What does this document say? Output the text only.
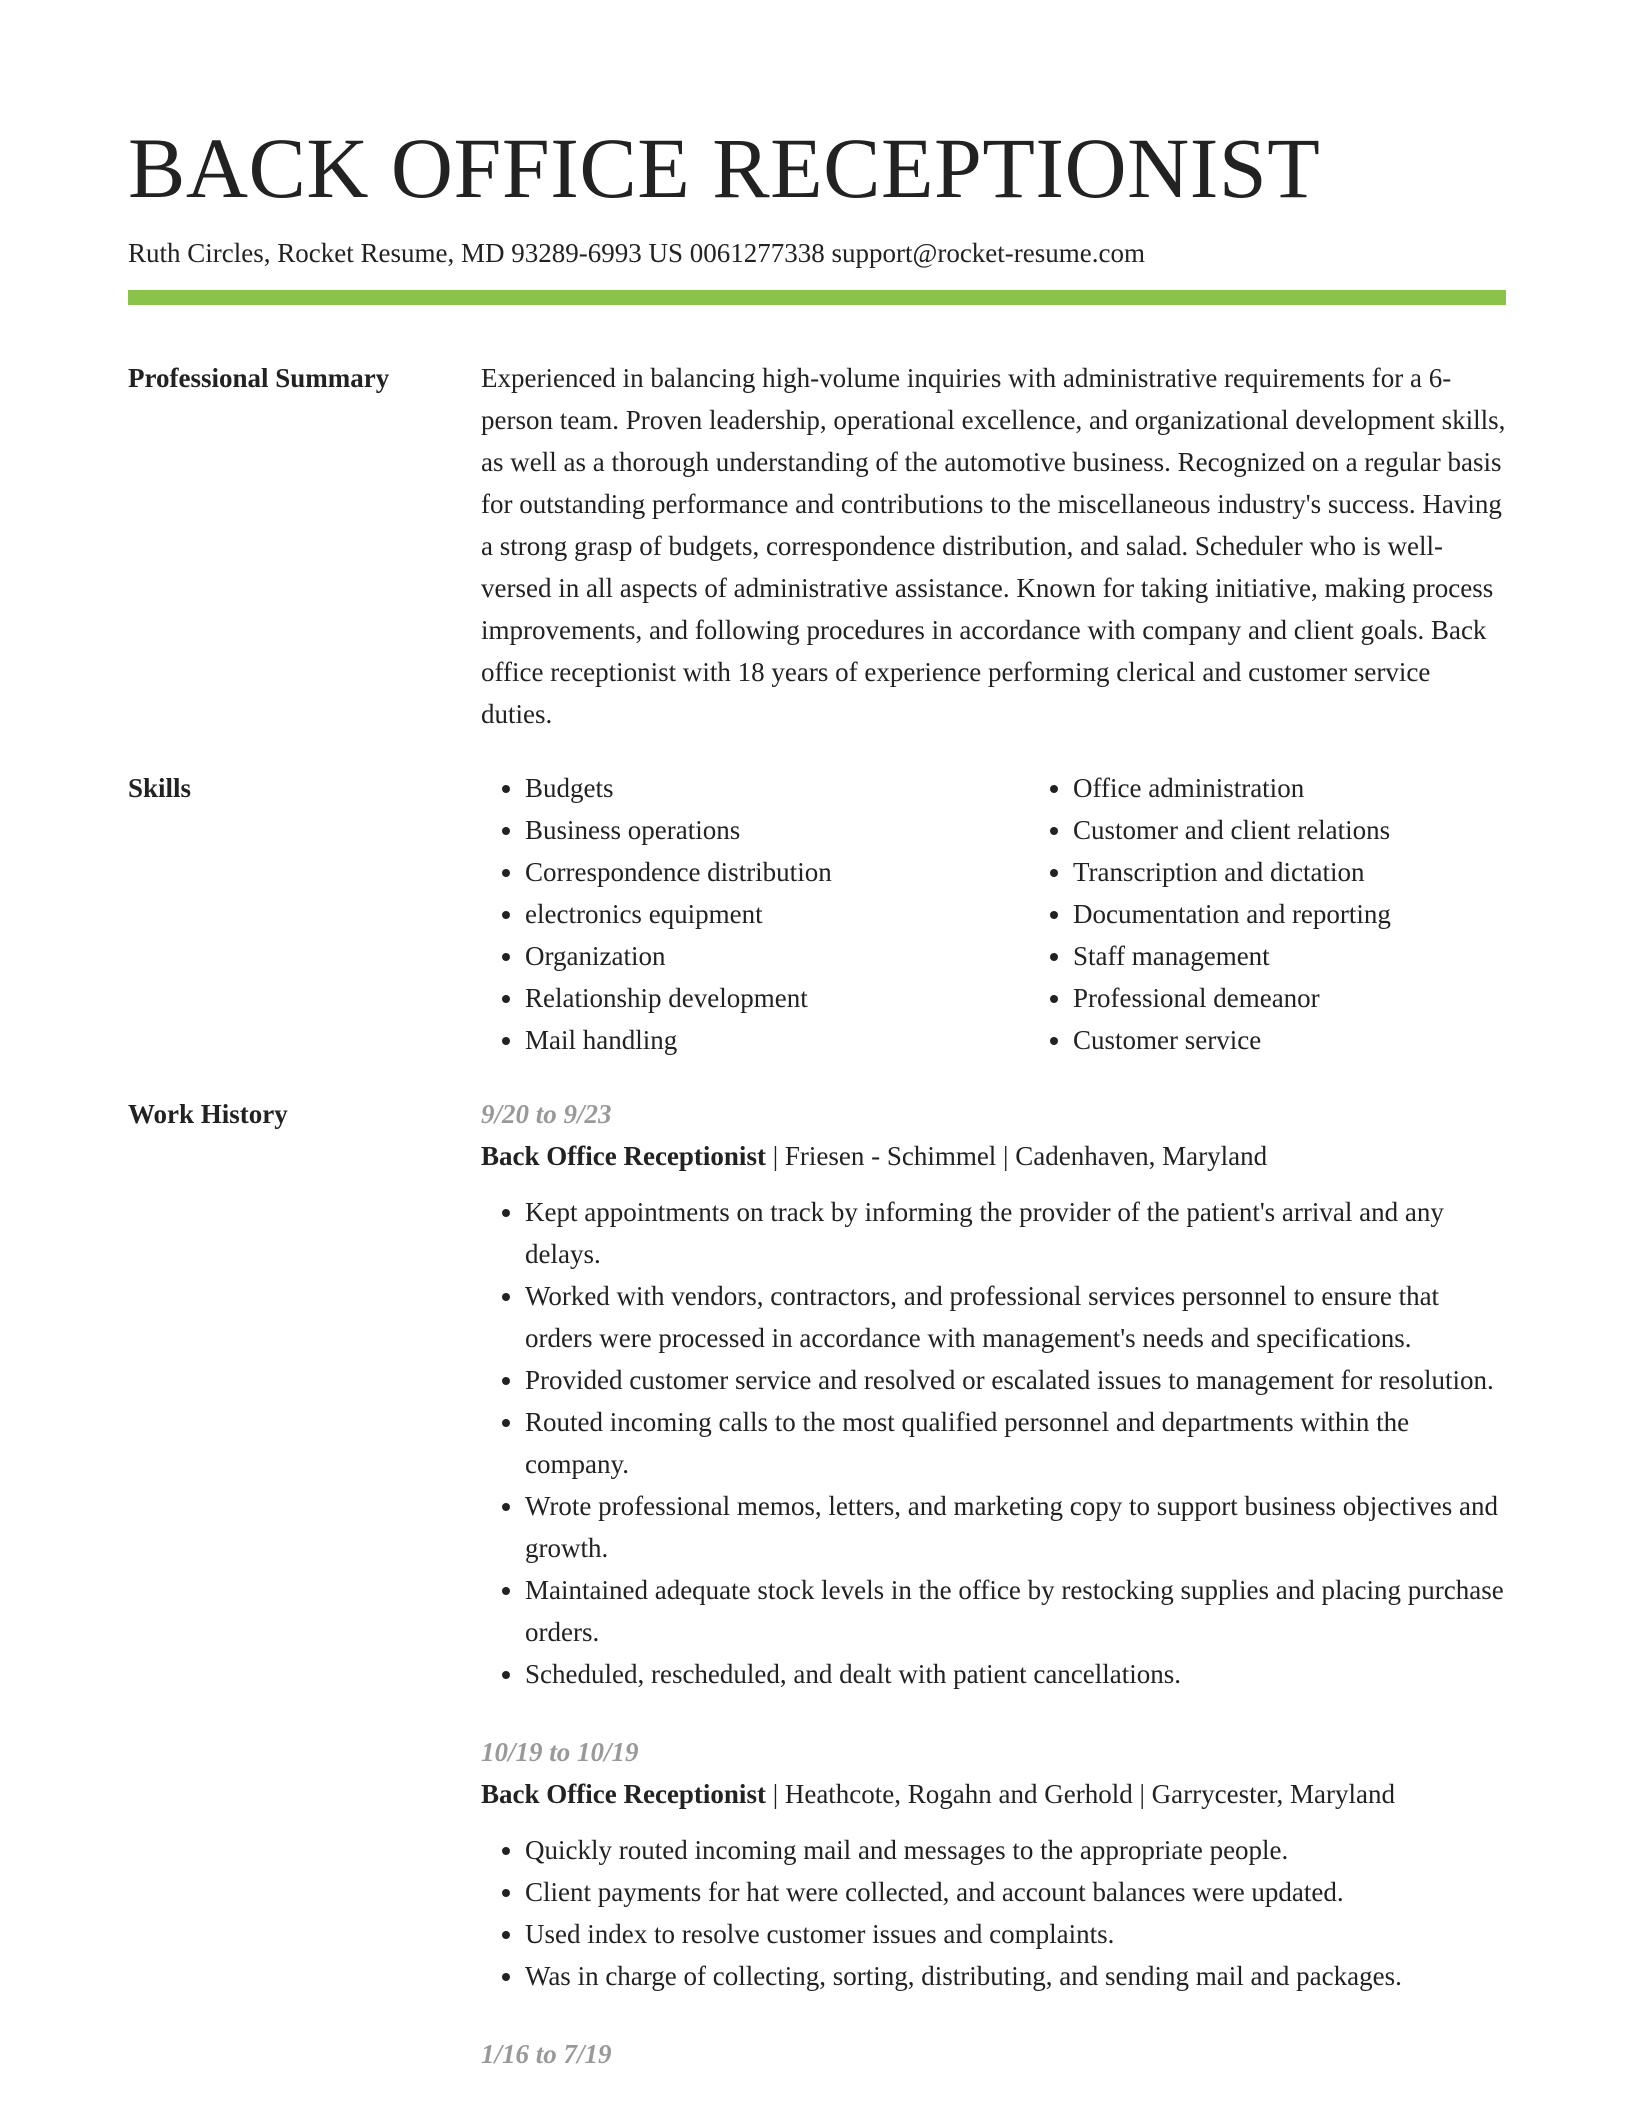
BACK OFFICE RECEPTIONIST
Ruth Circles, Rocket Resume, MD 93289-6993 US 0061277338 support@rocket-resume.com
Professional Summary	Experienced in balancing high-volume inquiries with administrative requirements for a 6-person team. Proven leadership, operational excellence, and organizational development skills, as well as a thorough understanding of the automotive business. Recognized on a regular basis for outstanding performance and contributions to the miscellaneous industry's success. Having a strong grasp of budgets, correspondence distribution, and salad. Scheduler who is well-versed in all aspects of administrative assistance. Known for taking initiative, making process improvements, and following procedures in accordance with company and client goals. Back office receptionist with 18 years of experience performing clerical and customer service duties.

Skills
•	Budgets
• Business operations
• Correspondence distribution
• electronics equipment
• Organization
• Relationship development
• Mail handling
• Office administration
• Customer and client relations
• Transcription and dictation
• Documentation and reporting
• Staff management
• Professional demeanor
• Customer service
Work History	9/20 to 9/23
Back Office Receptionist | Friesen - Schimmel | Cadenhaven, Maryland
• Kept appointments on track by informing the provider of the patient's arrival and any delays.
• Worked with vendors, contractors, and professional services personnel to ensure that orders were processed in accordance with management's needs and specifications.
• Provided customer service and resolved or escalated issues to management for resolution.
• Routed incoming calls to the most qualified personnel and departments within the company.
• Wrote professional memos, letters, and marketing copy to support business objectives and growth.
• Maintained adequate stock levels in the office by restocking supplies and placing purchase orders.
• Scheduled, rescheduled, and dealt with patient cancellations.
10/19 to 10/19
Back Office Receptionist | Heathcote, Rogahn and Gerhold | Garrycester, Maryland
• Quickly routed incoming mail and messages to the appropriate people.
• Client payments for hat were collected, and account balances were updated.
• Used index to resolve customer issues and complaints.
• Was in charge of collecting, sorting, distributing, and sending mail and packages.
1/16 to 7/19
